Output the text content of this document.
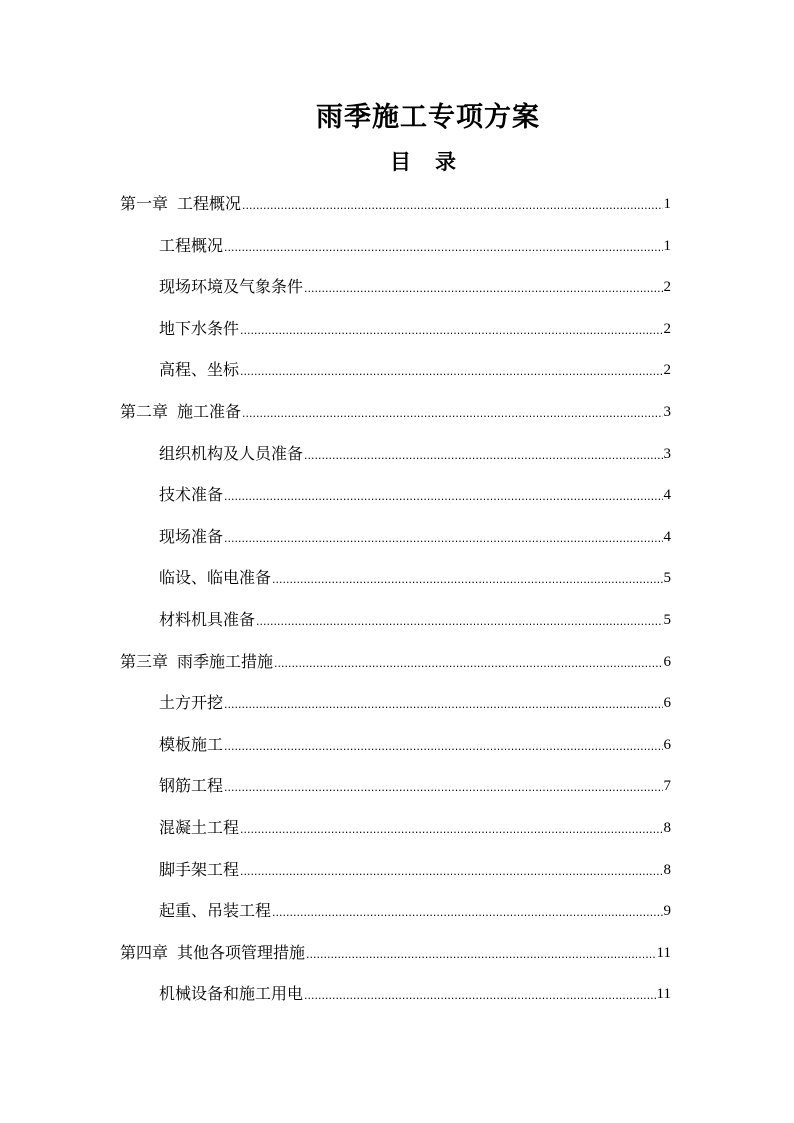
雨季施工专项方案
目 录
第一章 工程概况 .....	1
工程概况 .....	1
现场环境及气象条件 .....	2
地下水条件 .....	2
高程、坐标 .....	2
第二章 施工准备 .....	3
组织机构及人员准备 .....	3
技术准备 .....	4
现场准备 .....	4
临设、临电准备 .....	5
材料机具准备 .....	5
第三章 雨季施工措施 .....	6
土方开挖 .....	6
模板施工 .....	6
钢筋工程 .....	7
混凝土工程 .....	8
脚手架工程 .....	8
起重、吊装工程 .....	9
第四章 其他各项管理措施 .....	11
机械设备和施工用电 .....	11
